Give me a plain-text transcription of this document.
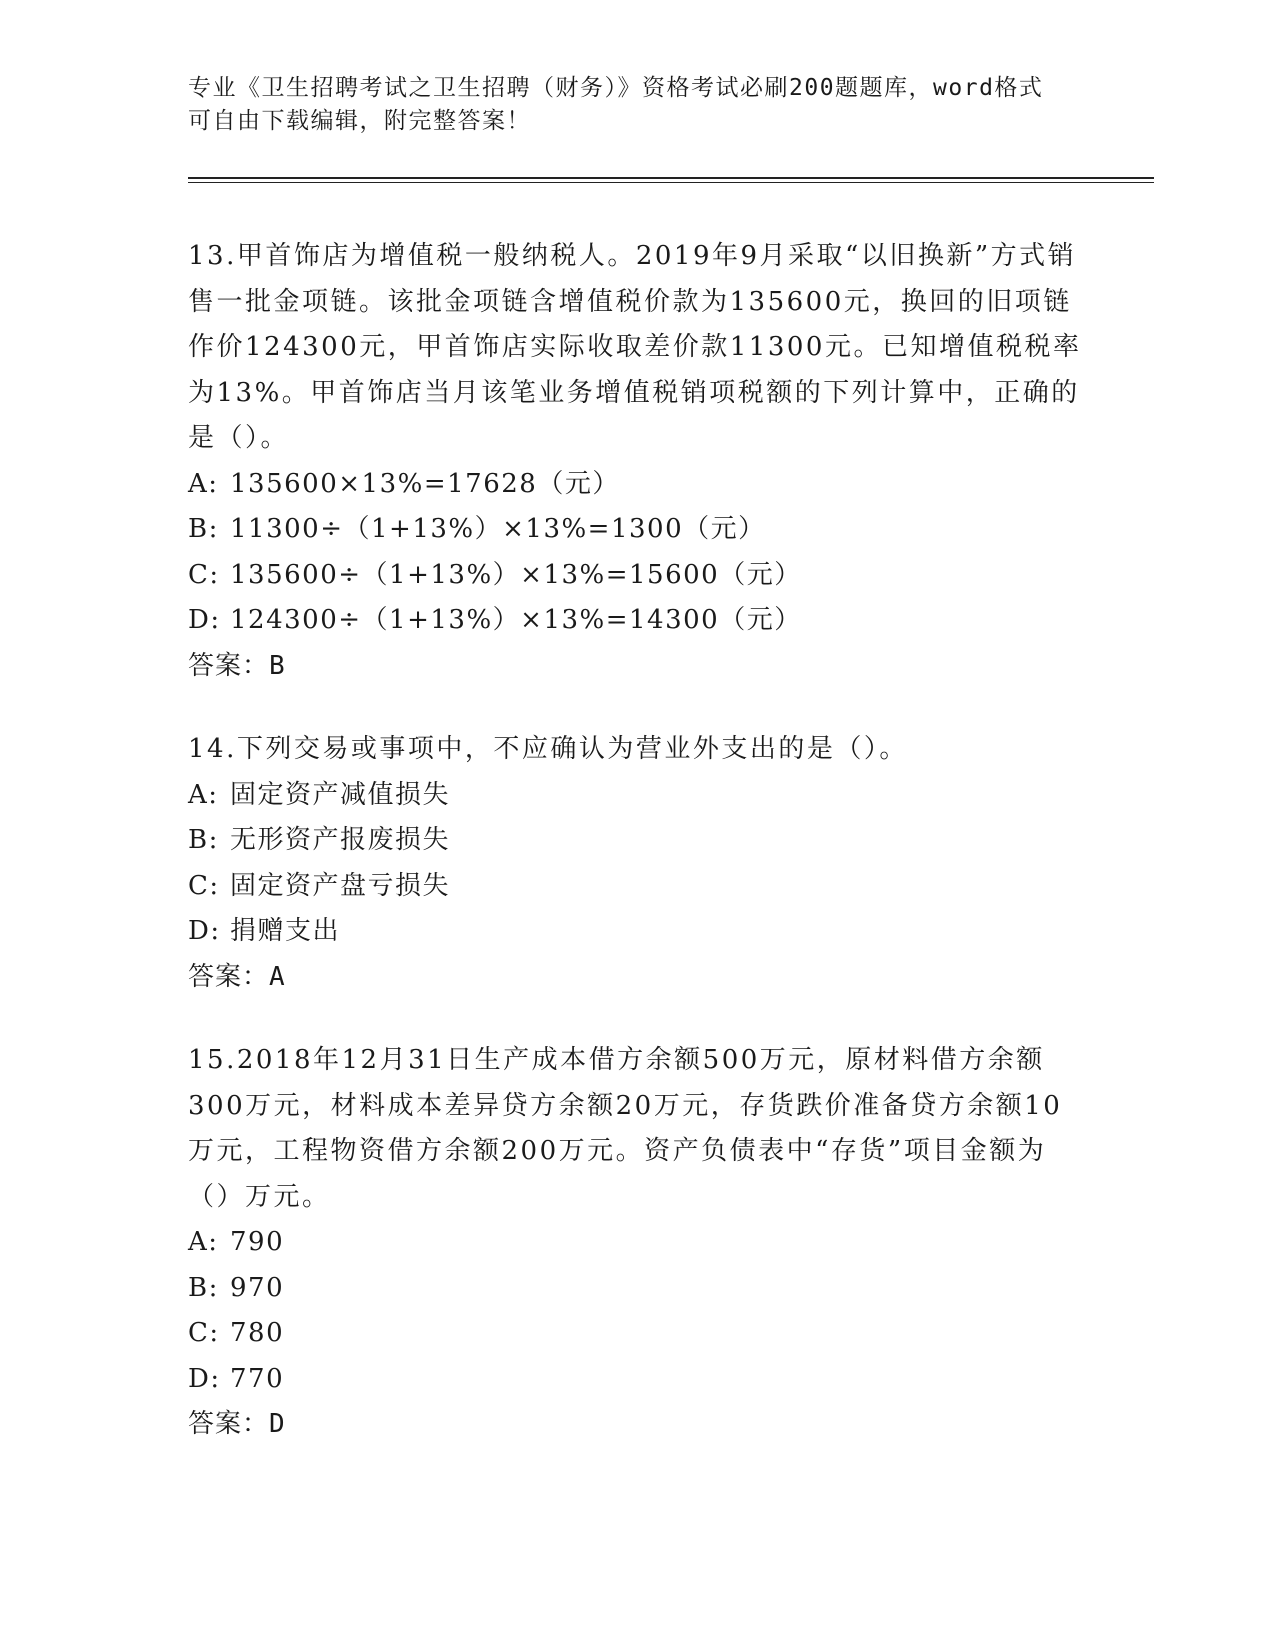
专业《卫生招聘考试之卫生招聘（财务）》资格考试必刷200题题库，word格式
可自由下载编辑，附完整答案！

13.甲首饰店为增值税一般纳税人。2019年9月采取“以旧换新”方式销售一批金项链。该批金项链含增值税价款为135600元，换回的旧项链作价124300元，甲首饰店实际收取差价款11300元。已知增值税税率为13%。甲首饰店当月该笔业务增值税销项税额的下列计算中，正确的是（）。

A: 135600×13%=17628（元）
B: 11300÷（1+13%）×13%=1300（元）
C: 135600÷（1+13%）×13%=15600（元）
D: 124300÷（1+13%）×13%=14300（元）
答案：B

14.下列交易或事项中，不应确认为营业外支出的是（）。

A: 固定资产减值损失
B: 无形资产报废损失
C: 固定资产盘亏损失
D: 捐赠支出
答案：A

15.2018年12月31日生产成本借方余额500万元，原材料借方余额300万元，材料成本差异贷方余额20万元，存货跌价准备贷方余额10万元，工程物资借方余额200万元。资产负债表中“存货”项目金额为（）万元。

A: 790
B: 970
C: 780
D: 770
答案：D
